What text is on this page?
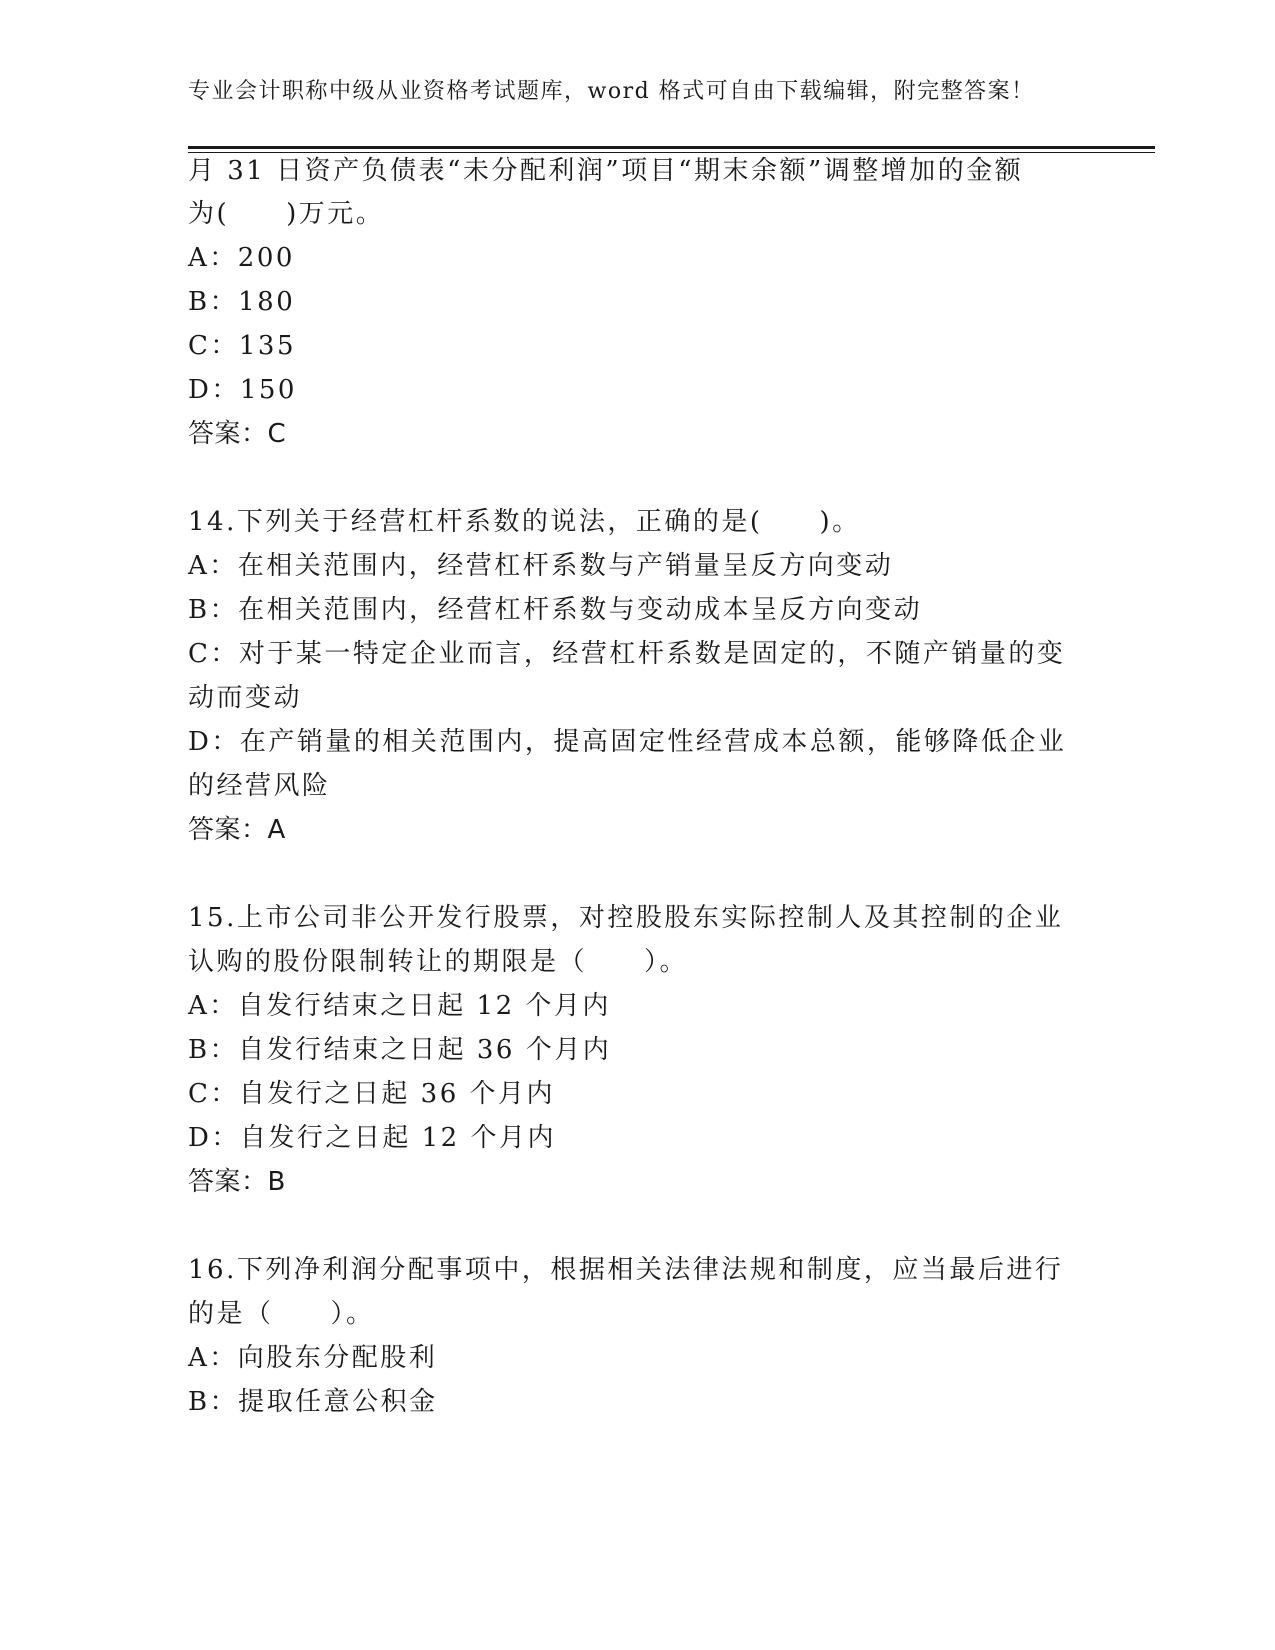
专业会计职称中级从业资格考试题库，word 格式可自由下载编辑，附完整答案！
月 31 日资产负债表“未分配利润”项目“期末余额”调整增加的金额
为(　　)万元。
A：200
B：180
C：135
D：150
答案：C
14.下列关于经营杠杆系数的说法，正确的是(　　)。
A：在相关范围内，经营杠杆系数与产销量呈反方向变动
B：在相关范围内，经营杠杆系数与变动成本呈反方向变动
C：对于某一特定企业而言，经营杠杆系数是固定的，不随产销量的变
动而变动
D：在产销量的相关范围内，提高固定性经营成本总额，能够降低企业
的经营风险
答案：A
15.上市公司非公开发行股票，对控股股东实际控制人及其控制的企业
认购的股份限制转让的期限是（　　）。
A：自发行结束之日起 12 个月内
B：自发行结束之日起 36 个月内
C：自发行之日起 36 个月内
D：自发行之日起 12 个月内
答案：B
16.下列净利润分配事项中，根据相关法律法规和制度，应当最后进行
的是（　　）。
A：向股东分配股利
B：提取任意公积金
